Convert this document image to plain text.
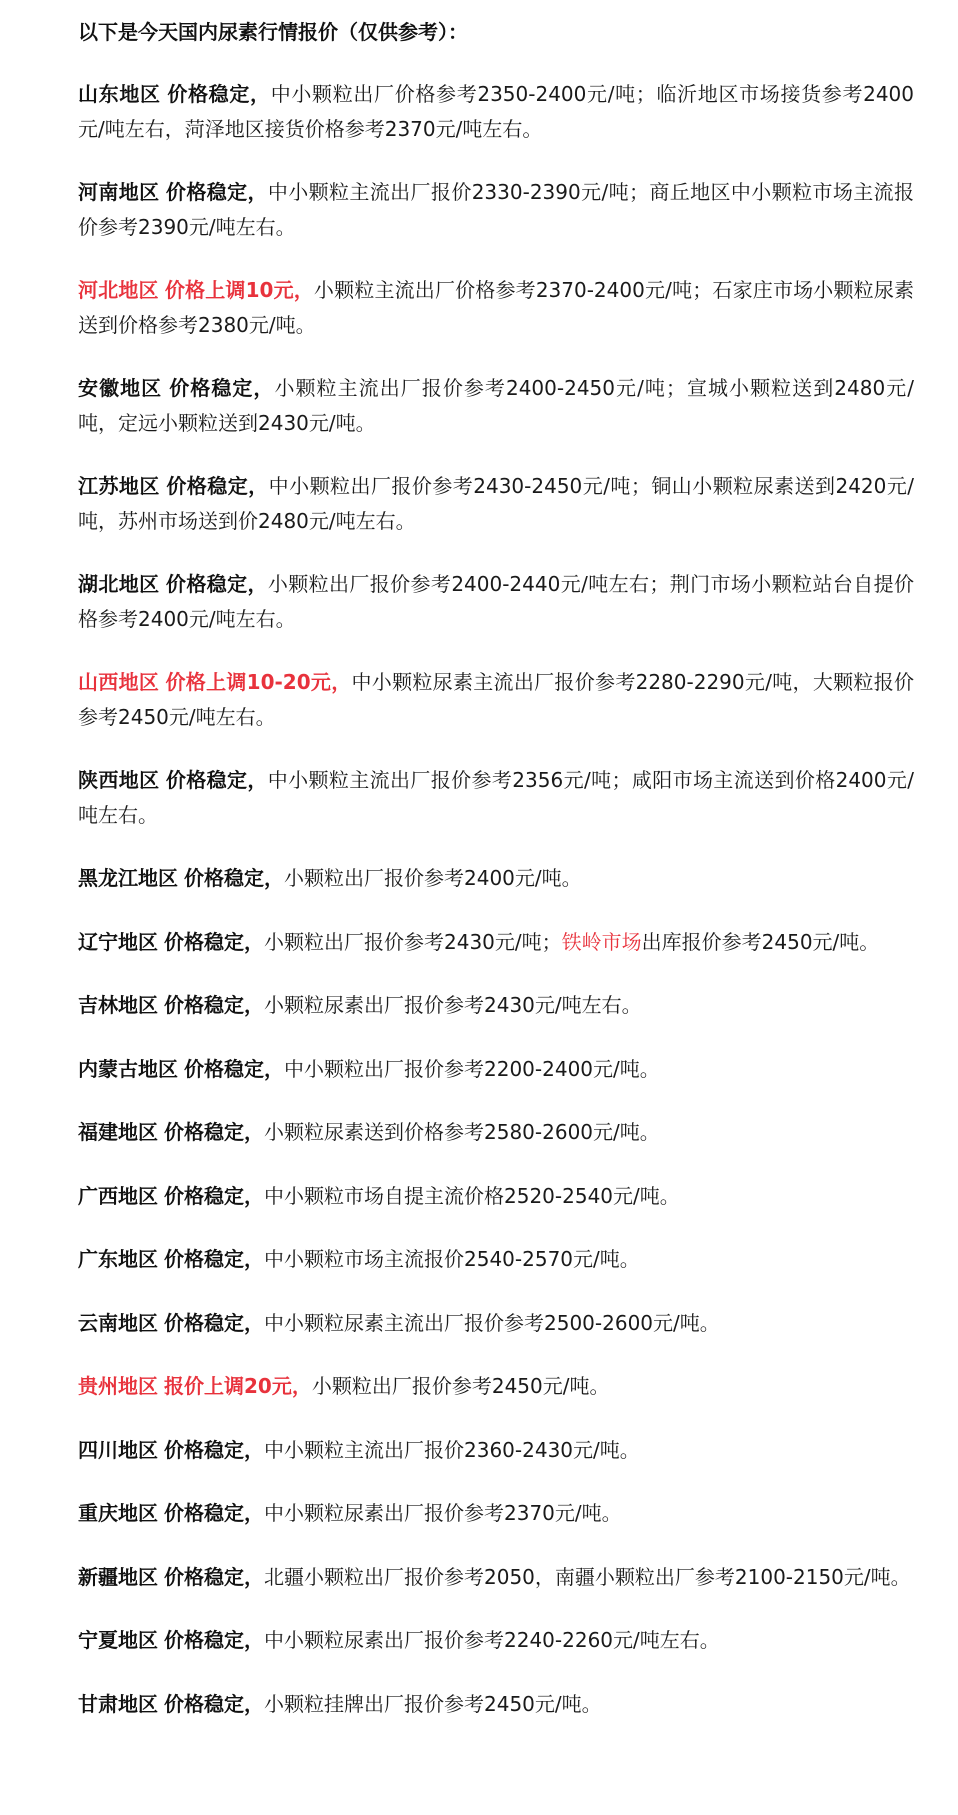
以下是今天国内尿素行情报价（仅供参考）：

山东地区 价格稳定，中小颗粒出厂价格参考2350-2400元/吨；临沂地区市场接货参考2400元/吨左右，菏泽地区接货价格参考2370元/吨左右。

河南地区 价格稳定，中小颗粒主流出厂报价2330-2390元/吨；商丘地区中小颗粒市场主流报价参考2390元/吨左右。

河北地区 价格上调10元，小颗粒主流出厂价格参考2370-2400元/吨；石家庄市场小颗粒尿素送到价格参考2380元/吨。

安徽地区 价格稳定，小颗粒主流出厂报价参考2400-2450元/吨；宣城小颗粒送到2480元/吨，定远小颗粒送到2430元/吨。

江苏地区 价格稳定，中小颗粒出厂报价参考2430-2450元/吨；铜山小颗粒尿素送到2420元/吨，苏州市场送到价2480元/吨左右。

湖北地区 价格稳定，小颗粒出厂报价参考2400-2440元/吨左右；荆门市场小颗粒站台自提价格参考2400元/吨左右。

山西地区 价格上调10-20元，中小颗粒尿素主流出厂报价参考2280-2290元/吨，大颗粒报价参考2450元/吨左右。

陕西地区 价格稳定，中小颗粒主流出厂报价参考2356元/吨；咸阳市场主流送到价格2400元/吨左右。

黑龙江地区 价格稳定，小颗粒出厂报价参考2400元/吨。

辽宁地区 价格稳定，小颗粒出厂报价参考2430元/吨；铁岭市场出库报价参考2450元/吨。

吉林地区 价格稳定，小颗粒尿素出厂报价参考2430元/吨左右。

内蒙古地区 价格稳定，中小颗粒出厂报价参考2200-2400元/吨。

福建地区 价格稳定，小颗粒尿素送到价格参考2580-2600元/吨。

广西地区 价格稳定，中小颗粒市场自提主流价格2520-2540元/吨。

广东地区 价格稳定，中小颗粒市场主流报价2540-2570元/吨。

云南地区 价格稳定，中小颗粒尿素主流出厂报价参考2500-2600元/吨。

贵州地区 报价上调20元，小颗粒出厂报价参考2450元/吨。

四川地区 价格稳定，中小颗粒主流出厂报价2360-2430元/吨。

重庆地区 价格稳定，中小颗粒尿素出厂报价参考2370元/吨。

新疆地区 价格稳定，北疆小颗粒出厂报价参考2050，南疆小颗粒出厂参考2100-2150元/吨。

宁夏地区 价格稳定，中小颗粒尿素出厂报价参考2240-2260元/吨左右。

甘肃地区 价格稳定，小颗粒挂牌出厂报价参考2450元/吨。
